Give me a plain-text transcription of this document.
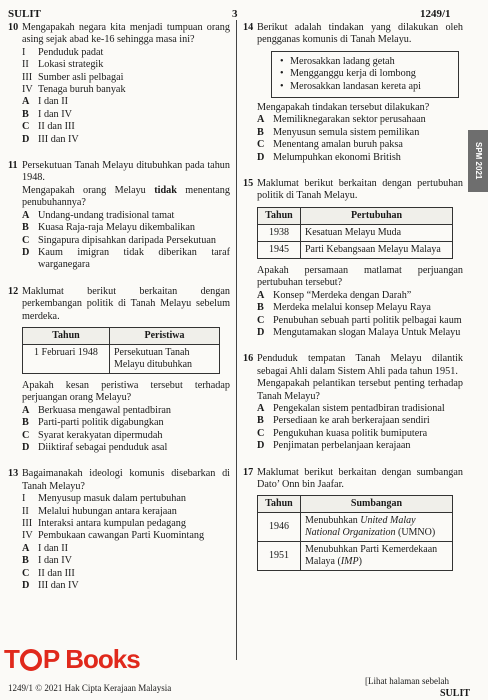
SULIT	3	1249/1
SPM 2021
10 Mengapakah negara kita menjadi tumpuan orang asing sejak abad ke-16 sehingga masa ini?
I	Penduduk padat
II Lokasi strategik
III Sumber asli pelbagai
IV Tenaga buruh banyak
A I dan II
B I dan IV
C II dan III
D III dan IV
11 Persekutuan Tanah Melayu ditubuhkan pada tahun 1948.
Mengapakah orang Melayu tidak menentang penubuhannya?
A Undang-undang tradisional tamat
B Kuasa Raja-raja Melayu dikembalikan
C Singapura dipisahkan daripada Persekutuan
D Kaum imigran tidak diberikan taraf warganegara
12 Maklumat berikut berkaitan dengan perkembangan politik di Tanah Melayu sebelum merdeka.
Tahun	Peristiwa
1 Februari 1948	Persekutuan Tanah Melayu ditubuhkan
Apakah kesan peristiwa tersebut terhadap perjuangan orang Melayu?
A Berkuasa mengawal pentadbiran
B Parti-parti politik digabungkan
C Syarat kerakyatan dipermudah
D Diiktiraf sebagai penduduk asal
13 Bagaimanakah ideologi komunis disebarkan di Tanah Melayu?
I	Menyusup masuk dalam pertubuhan
II Melalui hubungan antara kerajaan
III Interaksi antara kumpulan pedagang
IV Pembukaan cawangan Parti Kuomintang
A I dan II
B I dan IV
C II dan III
D III dan IV
14 Berikut adalah tindakan yang dilakukan oleh pengganas komunis di Tanah Melayu.
• Merosakkan ladang getah
• Mengganggu kerja di lombong
• Merosakkan landasan kereta api
Mengapakah tindakan tersebut dilakukan?
A Memiliknegarakan sektor perusahaan
B Menyusun semula sistem pemilikan
C Menentang amalan buruh paksa
D Melumpuhkan ekonomi British
15 Maklumat berikut berkaitan dengan pertubuhan politik di Tanah Melayu.
Tahun	Pertubuhan
1938	Kesatuan Melayu Muda
1945	Parti Kebangsaan Melayu Malaya
Apakah persamaan matlamat perjuangan pertubuhan tersebut?
A Konsep “Merdeka dengan Darah”
B Merdeka melalui konsep Melayu Raya
C Penubuhan sebuah parti politik pelbagai kaum
D Mengutamakan slogan Malaya Untuk Melayu
16 Penduduk tempatan Tanah Melayu dilantik sebagai Ahli dalam Sistem Ahli pada tahun 1951.
Mengapakah pelantikan tersebut penting terhadap Tanah Melayu?
A Pengekalan sistem pentadbiran tradisional
B Persediaan ke arah berkerajaan sendiri
C Pengukuhan kuasa politik bumiputera
D Penjimatan perbelanjaan kerajaan
17 Maklumat berikut berkaitan dengan sumbangan Dato’ Onn bin Jaafar.
Tahun	Sumbangan
1946	Menubuhkan United Malay National Organization (UMNO)
1951	Menubuhkan Parti Kemerdekaan Malaya (IMP)
T P Books
1249/1 © 2021 Hak Cipta Kerajaan Malaysia
[Lihat halaman sebelah
SULIT
